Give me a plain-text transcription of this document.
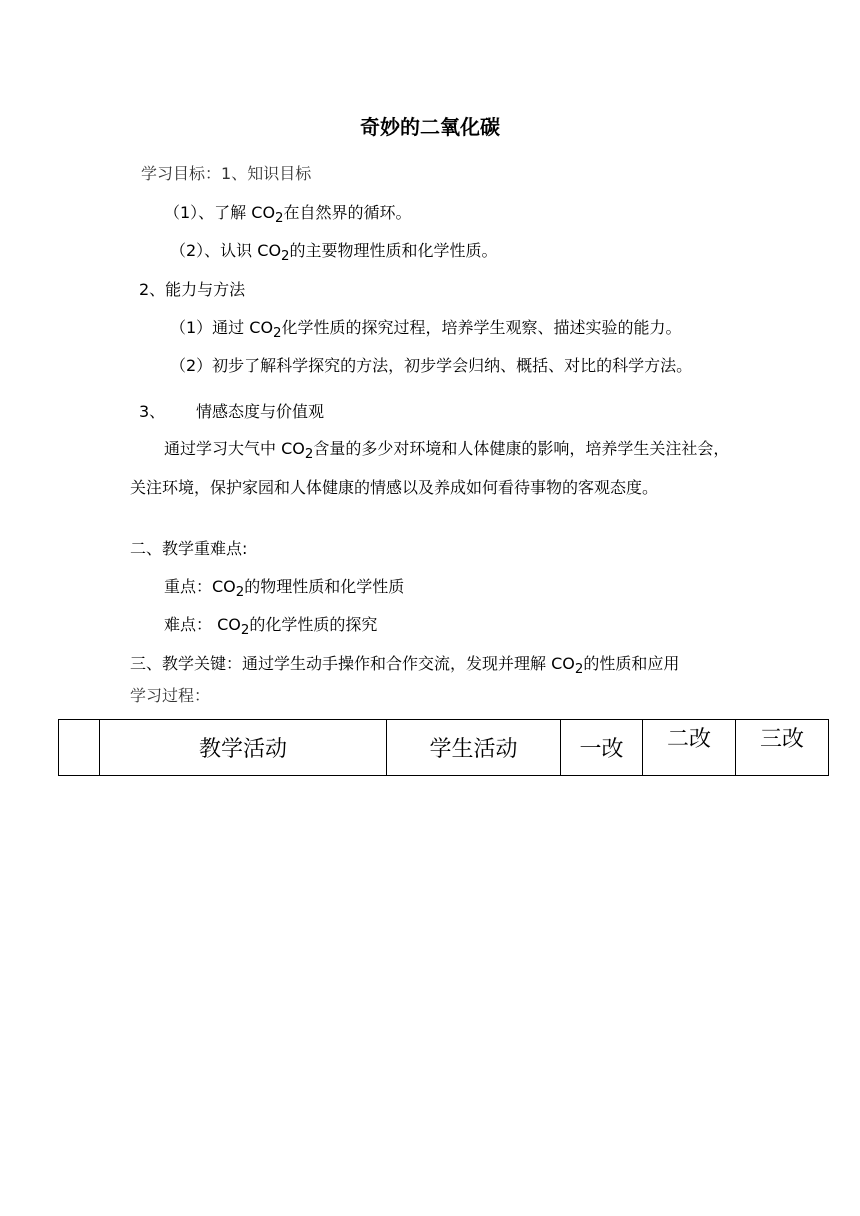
奇妙的二氧化碳
学习目标：1、知识目标
（1）、了解 $CO_2$在自然界的循环。
（2）、认识 $CO_2$的主要物理性质和化学性质。
2、能力与方法
（1）通过 $CO_2$化学性质的探究过程，培养学生观察、描述实验的能力。
（2）初步了解科学探究的方法，初步学会归纳、概括、对比的科学方法。
3、 情感态度与价值观
通过学习大气中 $CO_2$含量的多少对环境和人体健康的影响，培养学生关注社会，关注环境，保护家园和人体健康的情感以及养成如何看待事物的客观态度。
二、教学重难点:
重点：$CO_2$的物理性质和化学性质
难点： $CO_2$的化学性质的探究
三、教学关键：通过学生动手操作和合作交流，发现并理解 $CO_2$的性质和应用
学习过程：
	教学活动	学生活动	一改	二改	三改
